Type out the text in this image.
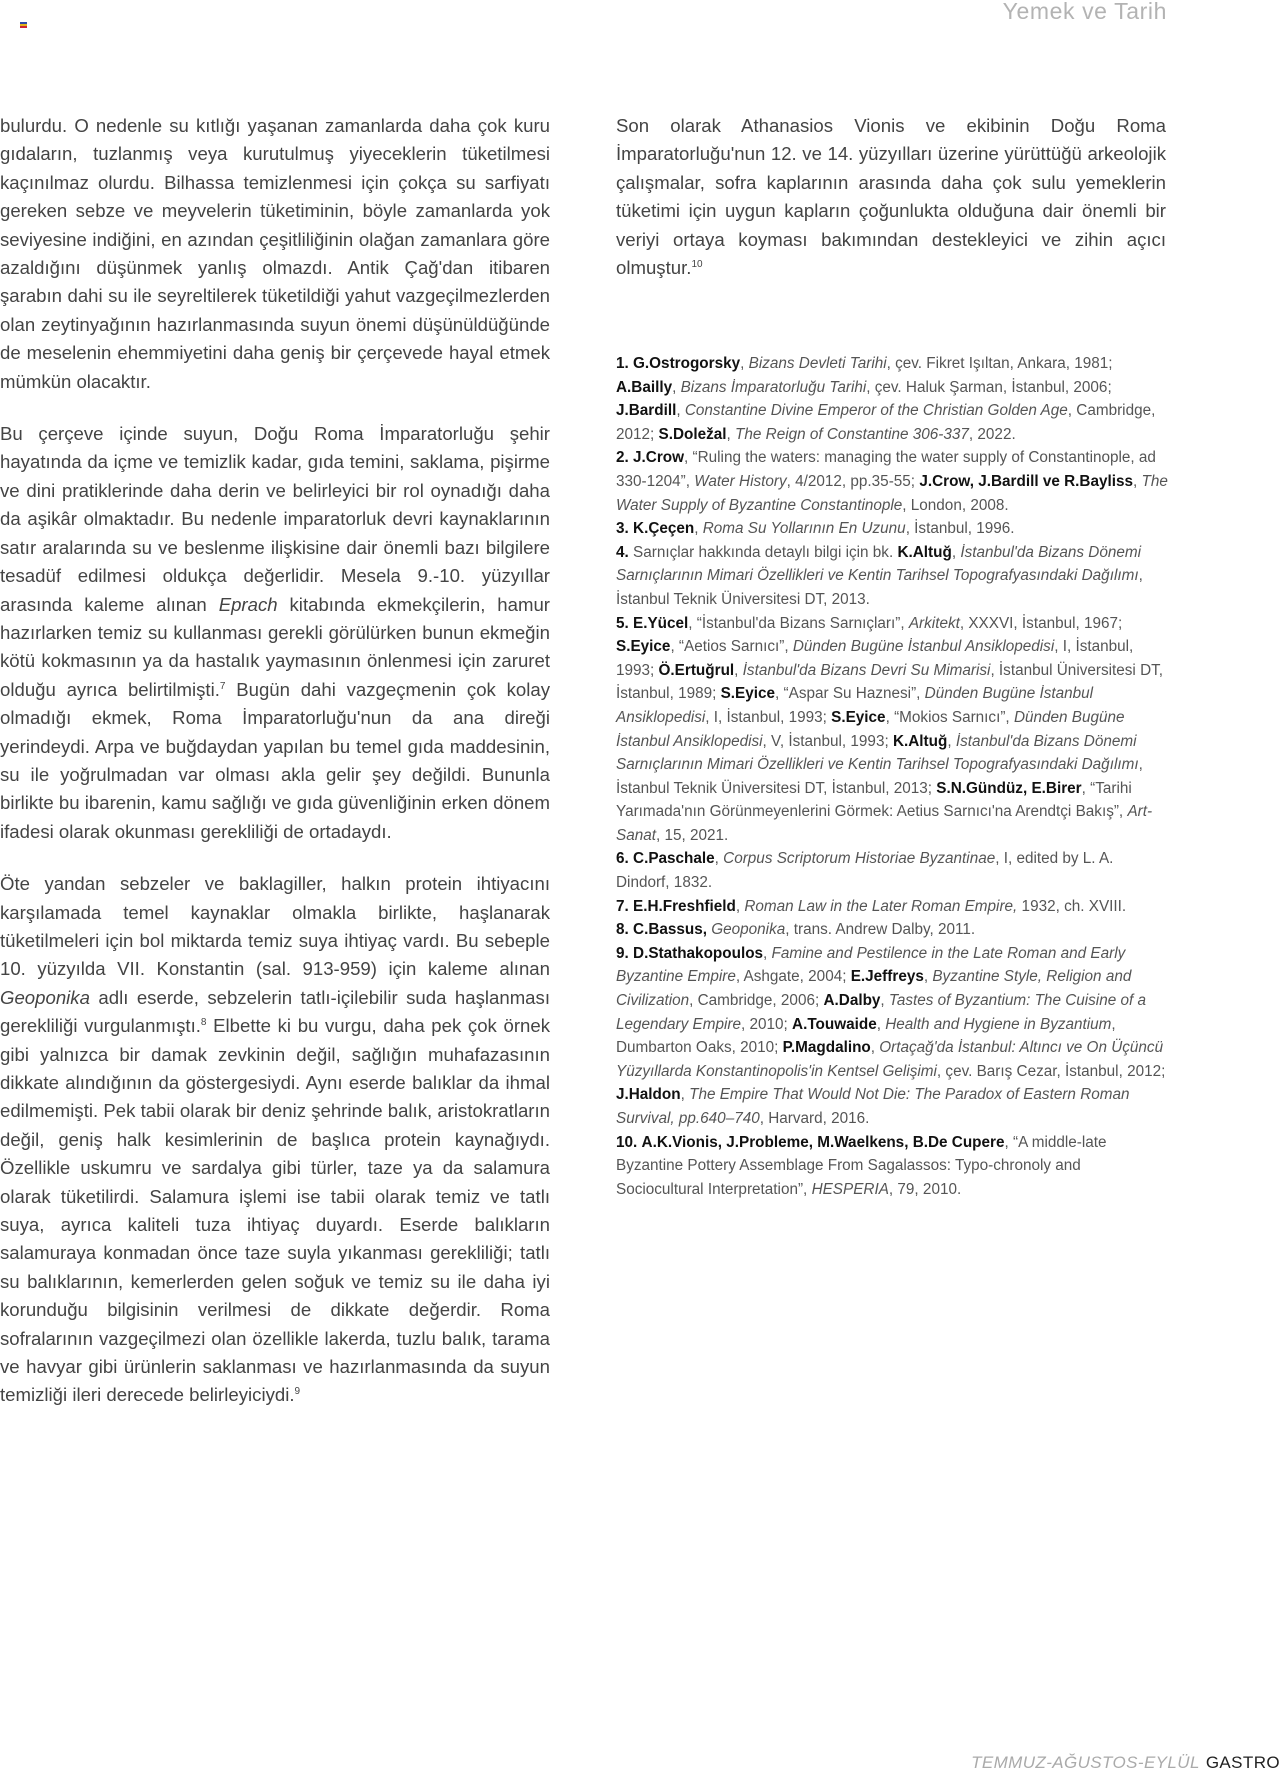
Yemek ve Tarih

bulurdu. O nedenle su kıtlığı yaşanan zamanlarda daha çok kuru gıdaların, tuzlanmış veya kurutulmuş yiyeceklerin tüketilmesi kaçınılmaz olurdu. Bilhassa temizlenmesi için çokça su sarfiyatı gereken sebze ve meyvelerin tüketiminin, böyle zamanlarda yok seviyesine indiğini, en azından çeşitliliğinin olağan zamanlara göre azaldığını düşünmek yanlış olmazdı. Antik Çağ'dan itibaren şarabın dahi su ile seyreltilerek tüketildiği yahut vazgeçilmezlerden olan zeytinyağının hazırlanmasında suyun önemi düşünüldüğünde de meselenin ehemmiyetini daha geniş bir çerçevede hayal etmek mümkün olacaktır.

Bu çerçeve içinde suyun, Doğu Roma İmparatorluğu şehir hayatında da içme ve temizlik kadar, gıda temini, saklama, pişirme ve dini pratiklerinde daha derin ve belirleyici bir rol oynadığı daha da aşikâr olmaktadır. Bu nedenle imparatorluk devri kaynaklarının satır aralarında su ve beslenme ilişkisine dair önemli bazı bilgilere tesadüf edilmesi oldukça değerlidir. Mesela 9.-10. yüzyıllar arasında kaleme alınan Eprach kitabında ekmekçilerin, hamur hazırlarken temiz su kullanması gerekli görülürken bunun ekmeğin kötü kokmasının ya da hastalık yaymasının önlenmesi için zaruret olduğu ayrıca belirtilmişti.$^7$ Bugün dahi vazgeçmenin çok kolay olmadığı ekmek, Roma İmparatorluğu'nun da ana direği yerindeydi. Arpa ve buğdaydan yapılan bu temel gıda maddesinin, su ile yoğrulmadan var olması akla gelir şey değildi. Bununla birlikte bu ibarenin, kamu sağlığı ve gıda güvenliğinin erken dönem ifadesi olarak okunması gerekliliği de ortadaydı.

Öte yandan sebzeler ve baklagiller, halkın protein ihtiyacını karşılamada temel kaynaklar olmakla birlikte, haşlanarak tüketilmeleri için bol miktarda temiz suya ihtiyaç vardı. Bu sebeple 10. yüzyılda VII. Konstantin (sal. 913-959) için kaleme alınan Geoponika adlı eserde, sebzelerin tatlı-içilebilir suda haşlanması gerekliliği vurgulanmıştı.$^8$ Elbette ki bu vurgu, daha pek çok örnek gibi yalnızca bir damak zevkinin değil, sağlığın muhafazasının dikkate alındığının da göstergesiydi. Aynı eserde balıklar da ihmal edilmemişti. Pek tabii olarak bir deniz şehrinde balık, aristokratların değil, geniş halk kesimlerinin de başlıca protein kaynağıydı. Özellikle uskumru ve sardalya gibi türler, taze ya da salamura olarak tüketilirdi. Salamura işlemi ise tabii olarak temiz ve tatlı suya, ayrıca kaliteli tuza ihtiyaç duyardı. Eserde balıkların salamuraya konmadan önce taze suyla yıkanması gerekliliği; tatlı su balıklarının, kemerlerden gelen soğuk ve temiz su ile daha iyi korunduğu bilgisinin verilmesi de dikkate değerdir. Roma sofralarının vazgeçilmezi olan özellikle lakerda, tuzlu balık, tarama ve havyar gibi ürünlerin saklanması ve hazırlanmasında da suyun temizliği ileri derecede belirleyiciydi.$^9$

Son olarak Athanasios Vionis ve ekibinin Doğu Roma İmparatorluğu'nun 12. ve 14. yüzyılları üzerine yürüttüğü arkeolojik çalışmalar, sofra kaplarının arasında daha çok sulu yemeklerin tüketimi için uygun kapların çoğunlukta olduğuna dair önemli bir veriyi ortaya koyması bakımından destekleyici ve zihin açıcı olmuştur.$^{10}$

1. G.Ostrogorsky, Bizans Devleti Tarihi, çev. Fikret Işıltan, Ankara, 1981; A.Bailly, Bizans İmparatorluğu Tarihi, çev. Haluk Şarman, İstanbul, 2006; J.Bardill, Constantine Divine Emperor of the Christian Golden Age, Cambridge, 2012; S.Doležal, The Reign of Constantine 306-337, 2022.
2. J.Crow, “Ruling the waters: managing the water supply of Constantinople, ad 330-1204”, Water History, 4/2012, pp.35-55; J.Crow, J.Bardill ve R.Bayliss, The Water Supply of Byzantine Constantinople, London, 2008.
3. K.Çeçen, Roma Su Yollarının En Uzunu, İstanbul, 1996.
4. Sarnıçlar hakkında detaylı bilgi için bk. K.Altuğ, İstanbul'da Bizans Dönemi Sarnıçlarının Mimari Özellikleri ve Kentin Tarihsel Topografyasındaki Dağılımı, İstanbul Teknik Üniversitesi DT, 2013.
5. E.Yücel, “İstanbul'da Bizans Sarnıçları”, Arkitekt, XXXVI, İstanbul, 1967; S.Eyice, “Aetios Sarnıcı”, Dünden Bugüne İstanbul Ansiklopedisi, I, İstanbul, 1993; Ö.Ertuğrul, İstanbul'da Bizans Devri Su Mimarisi, İstanbul Üniversitesi DT, İstanbul, 1989; S.Eyice, “Aspar Su Haznesi”, Dünden Bugüne İstanbul Ansiklopedisi, I, İstanbul, 1993; S.Eyice, “Mokios Sarnıcı”, Dünden Bugüne İstanbul Ansiklopedisi, V, İstanbul, 1993; K.Altuğ, İstanbul'da Bizans Dönemi Sarnıçlarının Mimari Özellikleri ve Kentin Tarihsel Topografyasındaki Dağılımı, İstanbul Teknik Üniversitesi DT, İstanbul, 2013; S.N.Gündüz, E.Birer, “Tarihi Yarımada'nın Görünmeyenlerini Görmek: Aetius Sarnıcı'na Arendtçi Bakış”, Art-Sanat, 15, 2021.
6. C.Paschale, Corpus Scriptorum Historiae Byzantinae, I, edited by L. A. Dindorf, 1832.
7. E.H.Freshfield, Roman Law in the Later Roman Empire, 1932, ch. XVIII.
8. C.Bassus, Geoponika, trans. Andrew Dalby, 2011.
9. D.Stathakopoulos, Famine and Pestilence in the Late Roman and Early Byzantine Empire, Ashgate, 2004; E.Jeffreys, Byzantine Style, Religion and Civilization, Cambridge, 2006; A.Dalby, Tastes of Byzantium: The Cuisine of a Legendary Empire, 2010; A.Touwaide, Health and Hygiene in Byzantium, Dumbarton Oaks, 2010; P.Magdalino, Ortaçağ'da İstanbul: Altıncı ve On Üçüncü Yüzyıllarda Konstantinopolis'in Kentsel Gelişimi, çev. Barış Cezar, İstanbul, 2012; J.Haldon, The Empire That Would Not Die: The Paradox of Eastern Roman Survival, pp.640–740, Harvard, 2016.
10. A.K.Vionis, J.Probleme, M.Waelkens, B.De Cupere, “A middle-late Byzantine Pottery Assemblage From Sagalassos: Typo-chronoly and Sociocultural Interpretation”, HESPERIA, 79, 2010.
TEMMUZ-AĞUSTOS-EYLÜL GASTRO
